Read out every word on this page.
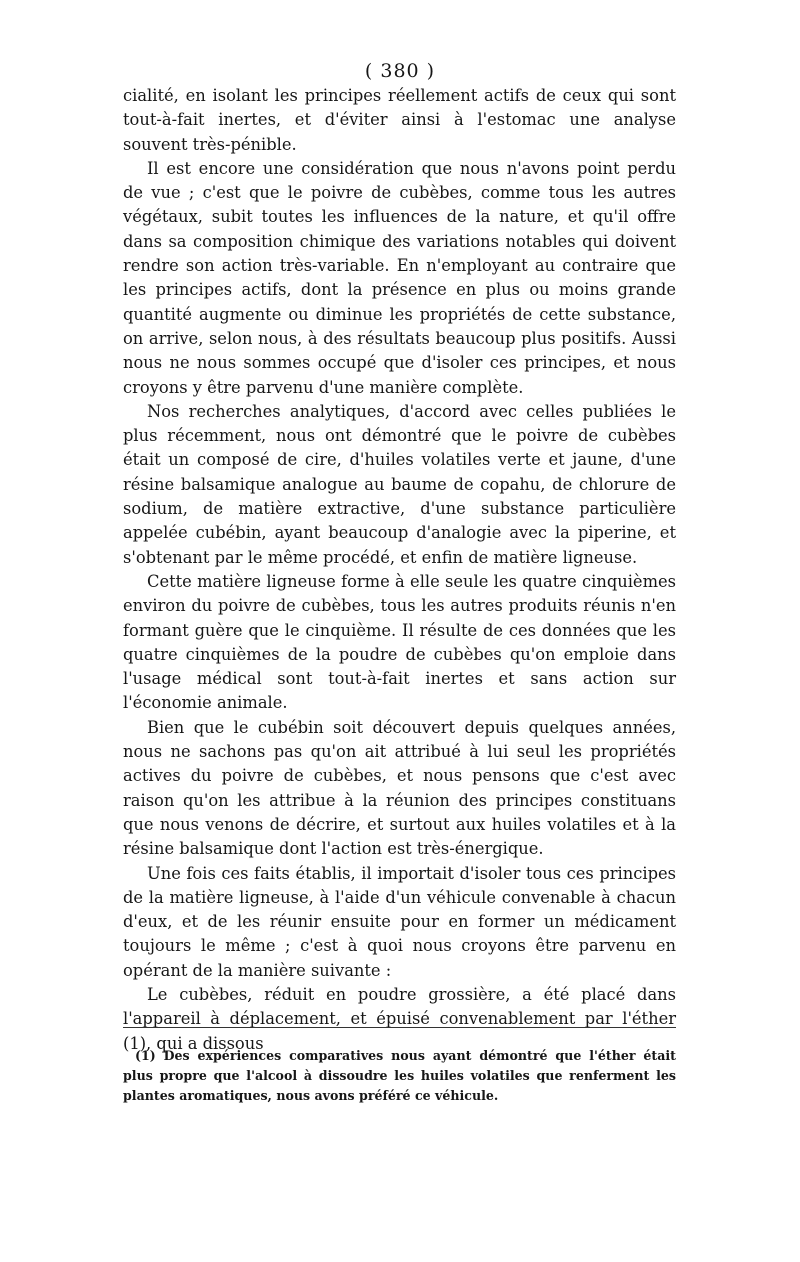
( 380 )

cialité, en isolant les principes réellement actifs de ceux qui sont tout-à-fait inertes, et d'éviter ainsi à l'estomac une analyse souvent très-pénible.

Il est encore une considération que nous n'avons point perdu de vue ; c'est que le poivre de cubèbes, comme tous les autres végétaux, subit toutes les influences de la nature, et qu'il offre dans sa composition chimique des variations notables qui doivent rendre son action très-variable. En n'employant au contraire que les principes actifs, dont la présence en plus ou moins grande quantité augmente ou diminue les propriétés de cette substance, on arrive, selon nous, à des résultats beaucoup plus positifs. Aussi nous ne nous sommes occupé que d'isoler ces principes, et nous croyons y être parvenu d'une manière complète.

Nos recherches analytiques, d'accord avec celles publiées le plus récemment, nous ont démontré que le poivre de cubèbes était un composé de cire, d'huiles volatiles verte et jaune, d'une résine balsamique analogue au baume de copahu, de chlorure de sodium, de matière extractive, d'une substance particulière appelée cubébin, ayant beaucoup d'analogie avec la piperine, et s'obtenant par le même procédé, et enfin de matière ligneuse.

Cette matière ligneuse forme à elle seule les quatre cinquièmes environ du poivre de cubèbes, tous les autres produits réunis n'en formant guère que le cinquième. Il résulte de ces données que les quatre cinquièmes de la poudre de cubèbes qu'on emploie dans l'usage médical sont tout-à-fait inertes et sans action sur l'économie animale.

Bien que le cubébin soit découvert depuis quelques années, nous ne sachons pas qu'on ait attribué à lui seul les propriétés actives du poivre de cubèbes, et nous pensons que c'est avec raison qu'on les attribue à la réunion des principes constituans que nous venons de décrire, et surtout aux huiles volatiles et à la résine balsamique dont l'action est très-énergique.

Une fois ces faits établis, il importait d'isoler tous ces principes de la matière ligneuse, à l'aide d'un véhicule convenable à chacun d'eux, et de les réunir ensuite pour en former un médicament toujours le même ; c'est à quoi nous croyons être parvenu en opérant de la manière suivante :

Le cubèbes, réduit en poudre grossière, a été placé dans l'appareil à déplacement, et épuisé convenablement par l'éther (1), qui a dissous

(1) Des expériences comparatives nous ayant démontré que l'éther était plus propre que l'alcool à dissoudre les huiles volatiles que renferment les plantes aromatiques, nous avons préféré ce véhicule.
